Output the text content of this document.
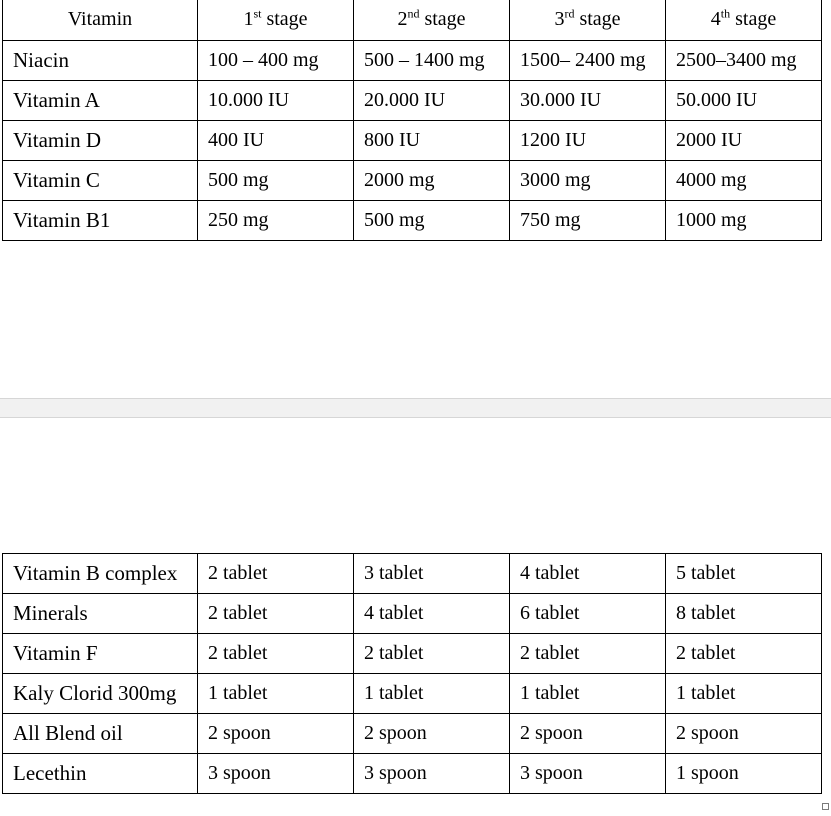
Vitamin	1st stage	2nd stage	3rd stage	4th stage
Niacin	100 – 400 mg	500 – 1400 mg	1500– 2400 mg	2500–3400 mg
Vitamin A	10.000 IU	20.000 IU	30.000 IU	50.000 IU
Vitamin D	400 IU	800 IU	1200 IU	2000 IU
Vitamin C	500 mg	2000 mg	3000 mg	4000 mg
Vitamin B1	250 mg	500 mg	750 mg	1000 mg
Vitamin B complex	2 tablet	3 tablet	4 tablet	5 tablet
Minerals	2 tablet	4 tablet	6 tablet	8 tablet
Vitamin F	2 tablet	2 tablet	2 tablet	2 tablet
Kaly Clorid 300mg	1 tablet	1 tablet	1 tablet	1 tablet
All Blend oil	2 spoon	2 spoon	2 spoon	2 spoon
Lecethin	3 spoon	3 spoon	3 spoon	1 spoon
